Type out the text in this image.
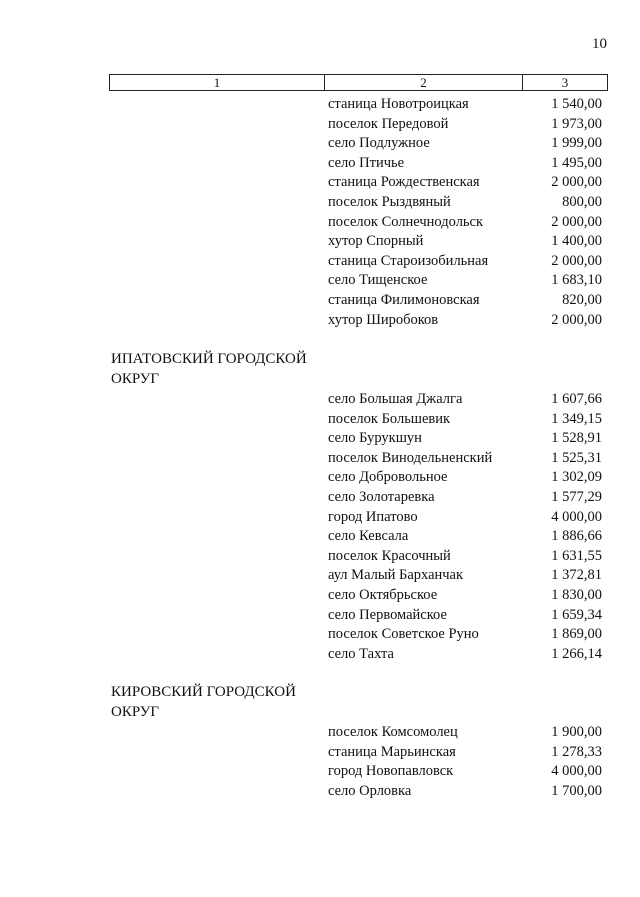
10
1	2	3
станица Новотроицкая	1 540,00
поселок Передовой	1 973,00
село Подлужное	1 999,00
село Птичье	1 495,00
станица Рождественская	2 000,00
поселок Рыздвяный	800,00
поселок Солнечнодольск	2 000,00
хутор Спорный	1 400,00
станица Староизобильная	2 000,00
село Тищенское	1 683,10
станица Филимоновская	820,00
хутор Широбоков	2 000,00
ИПАТОВСКИЙ ГОРОДСКОЙ ОКРУГ
село Большая Джалга	1 607,66
поселок Большевик	1 349,15
село Бурукшун	1 528,91
поселок Винодельненский	1 525,31
село Добровольное	1 302,09
село Золотаревка	1 577,29
город Ипатово	4 000,00
село Кевсала	1 886,66
поселок Красочный	1 631,55
аул Малый Барханчак	1 372,81
село Октябрьское	1 830,00
село Первомайское	1 659,34
поселок Советское Руно	1 869,00
село Тахта	1 266,14
КИРОВСКИЙ ГОРОДСКОЙ ОКРУГ
поселок Комсомолец	1 900,00
станица Марьинская	1 278,33
город Новопавловск	4 000,00
село Орловка	1 700,00
